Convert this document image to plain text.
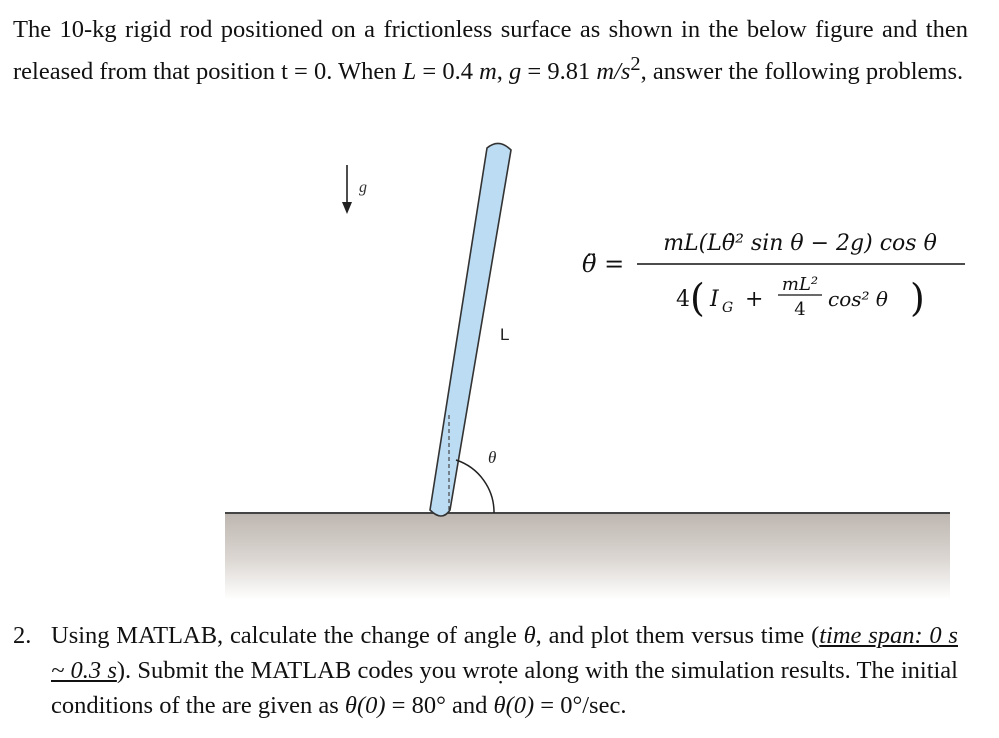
The 10-kg rigid rod positioned on a frictionless surface as shown in the below figure and then released from that position t = 0. When L = 0.4 m, g = 9.81 $m/s^2$, answer the following problems.
g
L
θ
θ̈ =
mL(Lθ̇² sin θ − 2g) cos θ
4 ( I G +
mL²
4 cos² θ )
2. Using MATLAB, calculate the change of angle θ, and plot them versus time (time span: 0 s ~ 0.3 s). Submit the MATLAB codes you wrote along with the simulation results. The initial conditions of the are given as θ(0) = 80° and ˙ θ(0) = 0°/sec.
